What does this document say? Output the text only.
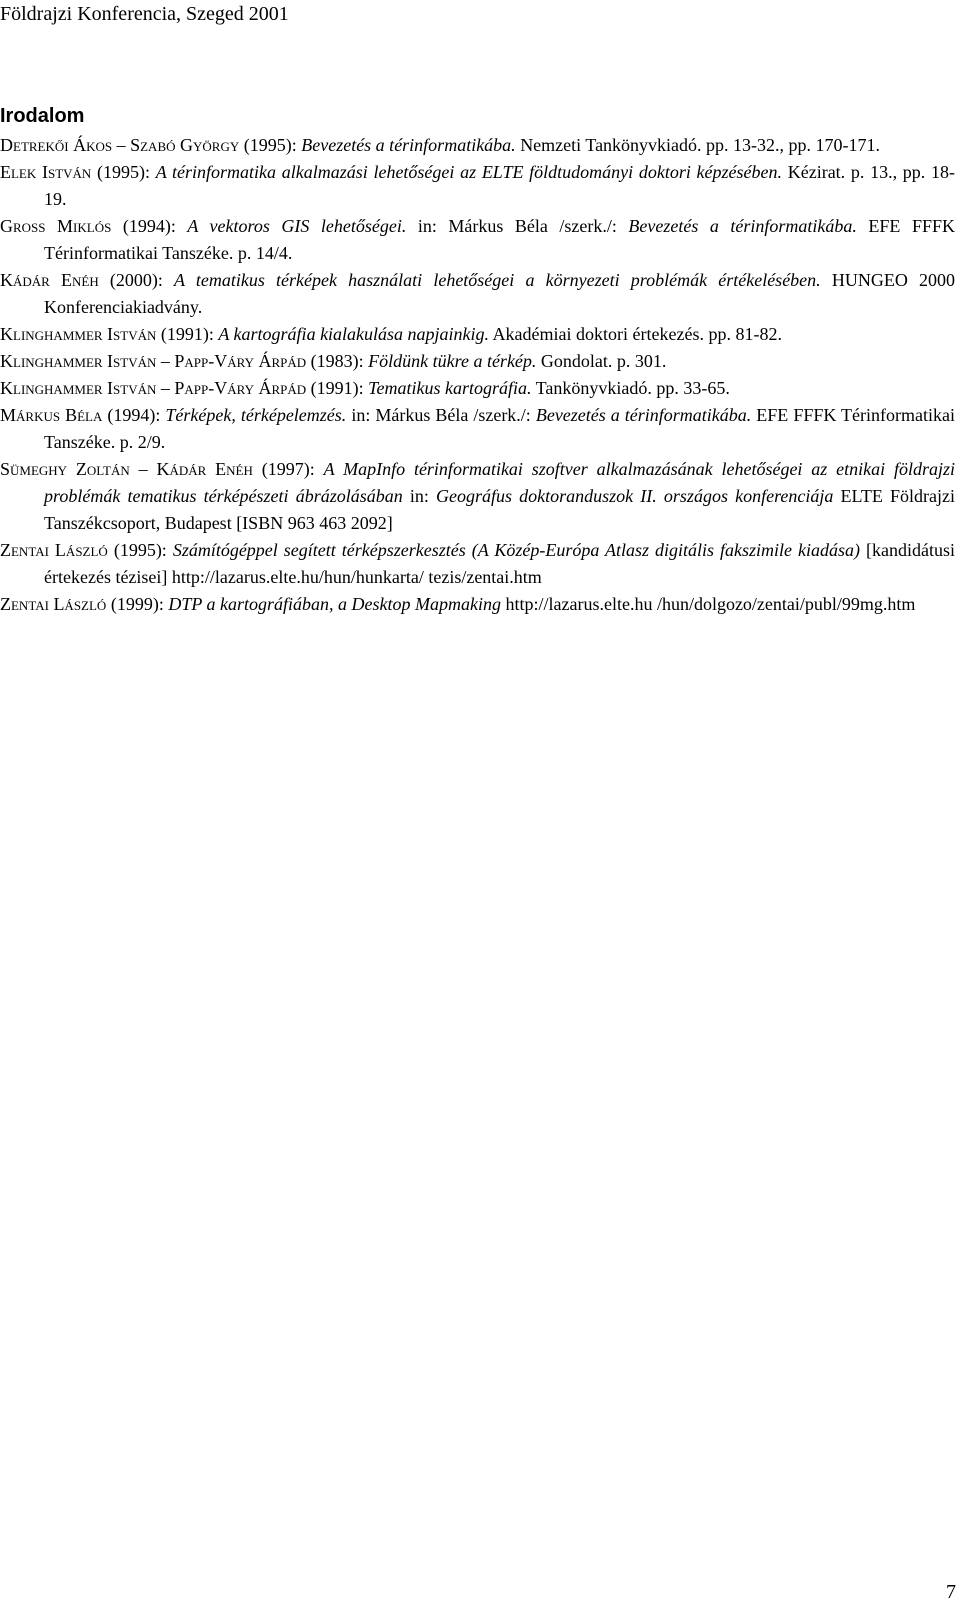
Földrajzi Konferencia, Szeged 2001
Irodalom

Detrekői Ákos – Szabó György (1995): Bevezetés a térinformatikába. Nemzeti Tankönyvkiadó. pp. 13-32., pp. 170-171.

Elek István (1995): A térinformatika alkalmazási lehetőségei az ELTE földtudományi doktori képzésében. Kézirat. p. 13., pp. 18-19.

Gross Miklós (1994): A vektoros GIS lehetőségei. in: Márkus Béla /szerk./: Bevezetés a térinformatikába. EFE FFFK Térinformatikai Tanszéke. p. 14/4.

Kádár Enéh (2000): A tematikus térképek használati lehetőségei a környezeti problémák értékelésében. HUNGEO 2000 Konferenciakiadvány.

Klinghammer István (1991): A kartográfia kialakulása napjainkig. Akadémiai doktori értekezés. pp. 81-82.

Klinghammer István – Papp-Váry Árpád (1983): Földünk tükre a térkép. Gondolat. p. 301.

Klinghammer István – Papp-Váry Árpád (1991): Tematikus kartográfia. Tankönyvkiadó. pp. 33-65.

Márkus Béla (1994): Térképek, térképelemzés. in: Márkus Béla /szerk./: Bevezetés a térinformatikába. EFE FFFK Térinformatikai Tanszéke. p. 2/9.

Sümeghy Zoltán – Kádár Enéh (1997): A MapInfo térinformatikai szoftver alkalmazásának lehetőségei az etnikai földrajzi problémák tematikus térképészeti ábrázolásában in: Geográfus doktoranduszok II. országos konferenciája ELTE Földrajzi Tanszékcsoport, Budapest [ISBN 963 463 2092]

Zentai László (1995): Számítógéppel segített térképszerkesztés (A Közép-Európa Atlasz digitális fakszimile kiadása) [kandidátusi értekezés tézisei] http://lazarus.elte.hu/hun/hunkarta/ tezis/zentai.htm

Zentai László (1999): DTP a kartográfiában, a Desktop Mapmaking http://lazarus.elte.hu /hun/dolgozo/zentai/publ/99mg.htm

7
